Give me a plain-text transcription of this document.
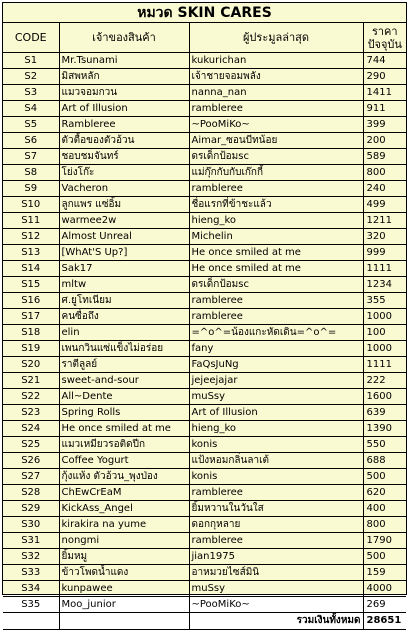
หมวด SKIN CARES
CODE	เจ้าของสินค้า	ผู้ประมูลล่าสุด	ราคา ปัจจุบัน
S1	Mr.Tsunami	kukurichan	744
S2	มิสพหลัก	เจ้าชายจอมพลัง	290
S3	แมวจอมกวน	nanna_nan	1411
S4	Art of Illusion	rambleree	911
S5	Rambleree	~PooMiKo~	399
S6	ตัวตื้อของตัวอ้วน	Aimar_ซอนบีทน้อย	200
S7	ชอบชมจันทร์	ดรเด็กป้อมsc	589
S8	โย่งโก๊ะ	แม่กุ๊กกับกับเก๊กกี้	800
S9	Vacheron	rambleree	240
S10	ลูกแพร แซ่อิ้ม	ชื่อแรกที่ข้าชะแล้ว	499
S11	warmee2w	hieng_ko	1211
S12	Almost Unreal	Michelin	320
S13	[WhAt'S Up?]	He once smiled at me	999
S14	Sak17	He once smiled at me	1111
S15	mltw	ดรเด็กป้อมsc	1234
S16	ศ.ยูโทเนียม	rambleree	355
S17	คนซื่อถึง	rambleree	1000
S18	elin	=^o^=น้องแกะหัดเดิน=^o^=	100
S19	เพนกวินแซ่แข็งไม่อร่อย	fany	1000
S20	ราตีลูลย์	FaQsJuNg	1111
S21	sweet-and-sour	jejeejajar	222
S22	All~Dente	muSsy	1600
S23	Spring Rolls	Art of Illusion	639
S24	He once smiled at me	hieng_ko	1390
S25	แมวเหมียวรอติดปีก	konis	550
S26	Coffee Yogurt	แป้งหอมกลิ่นลาเต้	688
S27	กุ้งแห้ง ตัวอ้วน_พุงป่อง	konis	500
S28	ChEwCrEaM	rambleree	620
S29	KickAss_Angel	ยิ้มหวานในวันใส	400
S30	kirakira na yume	ดอกกุหลาย	800
S31	nongmi	rambleree	1790
S32	ยิ้มหมู	jian1975	500
S33	ข้าวโพดน้ำแดง	อาหมวยไซส์มินิ	159
S34	kunpawee	muSsy	4000
S35	Moo_junior	~PooMiKo~	269
		รวมเงินทั้งหมด	28651
